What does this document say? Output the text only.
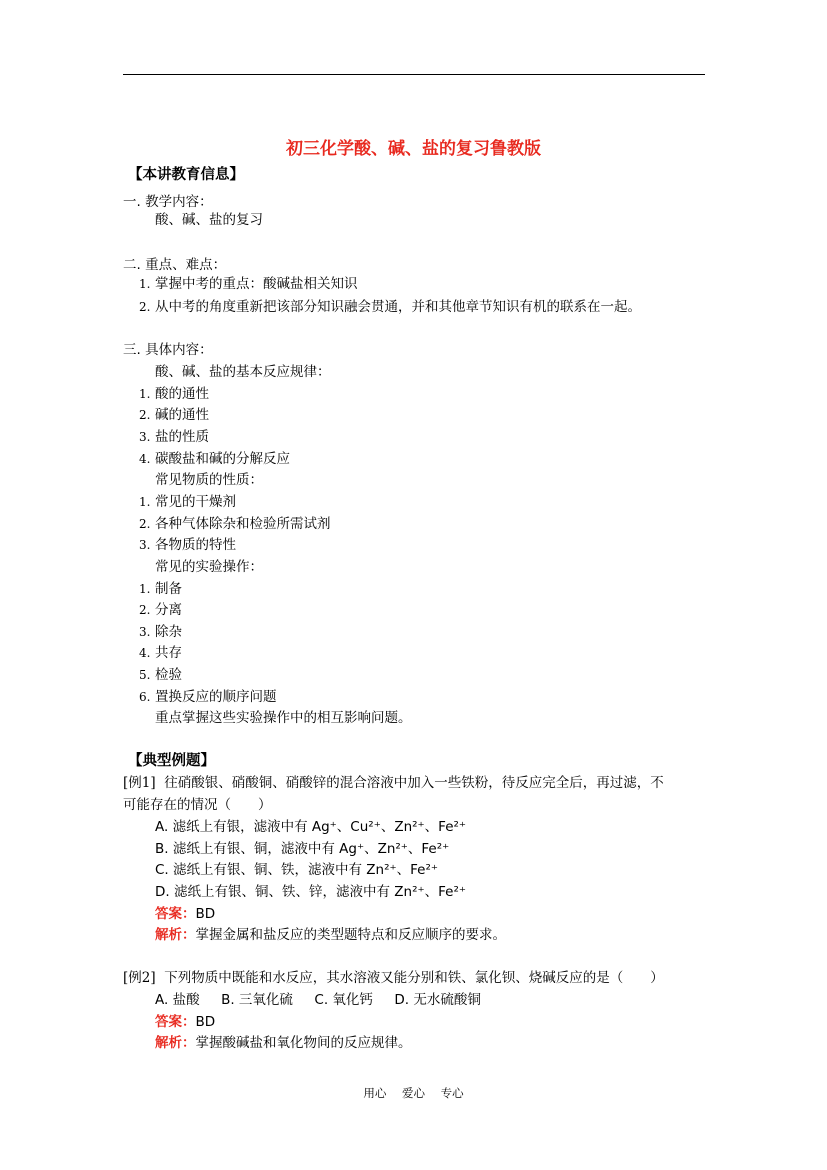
初三化学酸、碱、盐的复习鲁教版
【本讲教育信息】
一. 教学内容：
酸、碱、盐的复习
二. 重点、难点：
1. 掌握中考的重点：酸碱盐相关知识
2. 从中考的角度重新把该部分知识融会贯通，并和其他章节知识有机的联系在一起。
三. 具体内容：
酸、碱、盐的基本反应规律：
1. 酸的通性
2. 碱的通性
3. 盐的性质
4. 碳酸盐和碱的分解反应
常见物质的性质：
1. 常见的干燥剂
2. 各种气体除杂和检验所需试剂
3. 各物质的特性
常见的实验操作：
1. 制备
2. 分离
3. 除杂
4. 共存
5. 检验
6. 置换反应的顺序问题
重点掌握这些实验操作中的相互影响问题。
【典型例题】
[例1] 往硝酸银、硝酸铜、硝酸锌的混合溶液中加入一些铁粉，待反应完全后，再过滤，不
可能存在的情况（　　）
A. 滤纸上有银，滤液中有 Ag⁺、Cu²⁺、Zn²⁺、Fe²⁺
B. 滤纸上有银、铜，滤液中有 Ag⁺、Zn²⁺、Fe²⁺
C. 滤纸上有银、铜、铁，滤液中有 Zn²⁺、Fe²⁺
D. 滤纸上有银、铜、铁、锌，滤液中有 Zn²⁺、Fe²⁺
答案：BD
解析：掌握金属和盐反应的类型题特点和反应顺序的要求。
[例2] 下列物质中既能和水反应，其水溶液又能分别和铁、氯化钡、烧碱反应的是（　　）
A. 盐酸 B. 三氧化硫 C. 氧化钙 D. 无水硫酸铜
答案：BD
解析：掌握酸碱盐和氧化物间的反应规律。
用心 爱心 专心
